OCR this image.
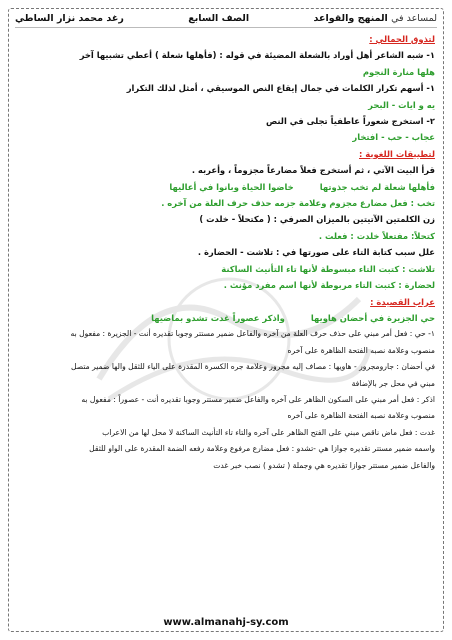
لمساعد في المنهج والقواعد
الصف السابع
رغد محمد نزار الساطي
لتذوق الجمالي :
١- شبه الشاعر أهل أوراد بالشعلة المضيئة في قوله : (فأهلها شعلة ) أعطي تشبيها آخر
هلها منارة النجوم
١- أسهم تكرار الكلمات في جمال إيقاع النص الموسيقي ، أمثل لذلك التكرار
يه و ايات - البحر
٢- استخرج شعوراً عاطفياً تجلى في النص
عجاب - حب - افتخار
لتطبيقات اللغوية :
قرأ البيت الآتي ، ثم أستخرج فعلاً مضارعاً مجزوماً ، وأعربه .
فأهلها شعلة لم تخب جذوتها
خاضوا الحياة وبانوا في أعاليها
تخب : فعل مضارع مجزوم وعلامة جزمه حذف حرف العلة من آخره .
زن الكلمتين الآتيتين بالميزان الصرفي : ( مكتحلاً - خلدت )
كتحلاً: مفتعلاً خلدت : فعلت .
علل سبب كتابة التاء على صورتها في : تلاشت - الحضارة .
تلاشت : كتبت التاء مبسوطة لأنها تاء التأنيث الساكنة
لحضارة : كتبت التاء مربوطة لأنها اسم مفرد مؤنث .
عراب القصيدة :
حي الجزيرة في أحضان هاويها
واذكر عصوراً غدت تشدو بماضيها
١- حي : فعل أمر مبني على حذف حرف العلة من آخره والفاعل ضمير مستتر وجوبا تقديره أنت - الجزيرة : مفعول به
منصوب وعلامة نصبه الفتحة الظاهرة على آخره
في أحضان : جارومجرور - هاويها : مصاف إليه مجرور وعلامة جره الكسرة المقدرة على الياء للثقل والها ضمير متصل
مبني في محل جر بالإضافة
اذكر : فعل أمر مبني على السكون الظاهر على آخره والفاعل ضمير مستتر وجوبا تقديره أنت - عصوراً : مفعول به
منصوب وعلامة نصبه الفتحة الظاهرة على آخره
غدت : فعل ماض ناقص مبني على الفتح الظاهر على آخره والتاء تاء التأنيث الساكنة لا محل لها من الاعراب
واسمه ضمير مستتر تقديره جوازا هي -تشدو : فعل مضارع مرفوع وعلامة رفعه الضمة المقدرة على الواو للثقل
والفاعل ضمير مستتر جوازا تقديره هي وجملة ( تشدو ) نصب خبر غدت
www.almanahj-sy.com
